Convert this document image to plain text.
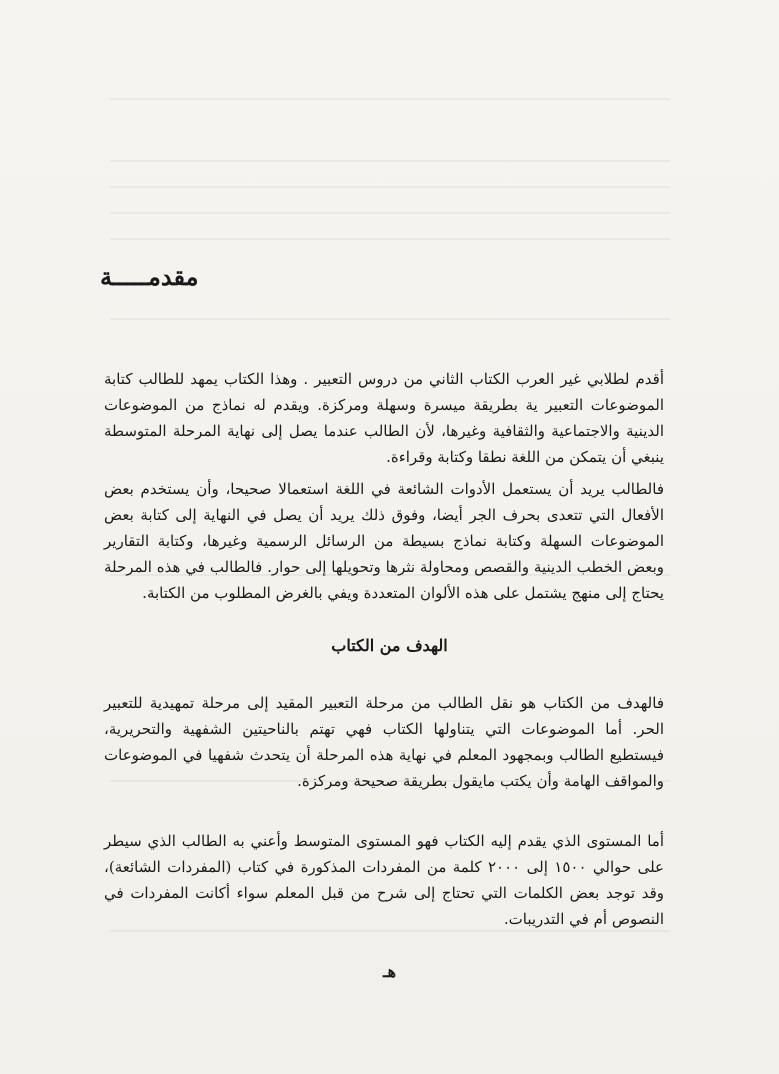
مقدمـــــة

أقدم لطلابي غير العرب الكتاب الثاني من دروس التعبير . وهذا الكتاب يمهد للطالب كتابة الموضوعات التعبير ية بطريقة ميسرة وسهلة ومركزة. ويقدم له نماذج من الموضوعات الدينية والاجتماعية والثقافية وغيرها، لأن الطالب عندما يصل إلى نهاية المرحلة المتوسطة ينبغي أن يتمكن من اللغة نطقا وكتابة وقراءة.

فالطالب يريد أن يستعمل الأدوات الشائعة في اللغة استعمالا صحيحا، وأن يستخدم بعض الأفعال التي تتعدى بحرف الجر أيضا، وفوق ذلك يريد أن يصل في النهاية إلى كتابة بعض الموضوعات السهلة وكتابة نماذج بسيطة من الرسائل الرسمية وغيرها، وكتابة التقارير وبعض الخطب الدينية والقصص ومحاولة نثرها وتحويلها إلى حوار. فالطالب في هذه المرحلة يحتاج إلى منهج يشتمل على هذه الألوان المتعددة ويفي بالغرض المطلوب من الكتابة.

الهدف من الكتاب

فالهدف من الكتاب هو نقل الطالب من مرحلة التعبير المقيد إلى مرحلة تمهيدية للتعبير الحر. أما الموضوعات التي يتناولها الكتاب فهي تهتم بالناحيتين الشفهية والتحريرية، فيستطيع الطالب وبمجهود المعلم في نهاية هذه المرحلة أن يتحدث شفهيا في الموضوعات والمواقف الهامة وأن يكتب مايقول بطريقة صحيحة ومركزة.

أما المستوى الذي يقدم إليه الكتاب فهو المستوى المتوسط وأعني به الطالب الذي سيطر على حوالي ١٥٠٠ إلى ٢٠٠٠ كلمة من المفردات المذكورة في كتاب (المفردات الشائعة)، وقد توجد بعض الكلمات التي تحتاج إلى شرح من قبل المعلم سواء أكانت المفردات في النصوص أم في التدريبات.

هـ
